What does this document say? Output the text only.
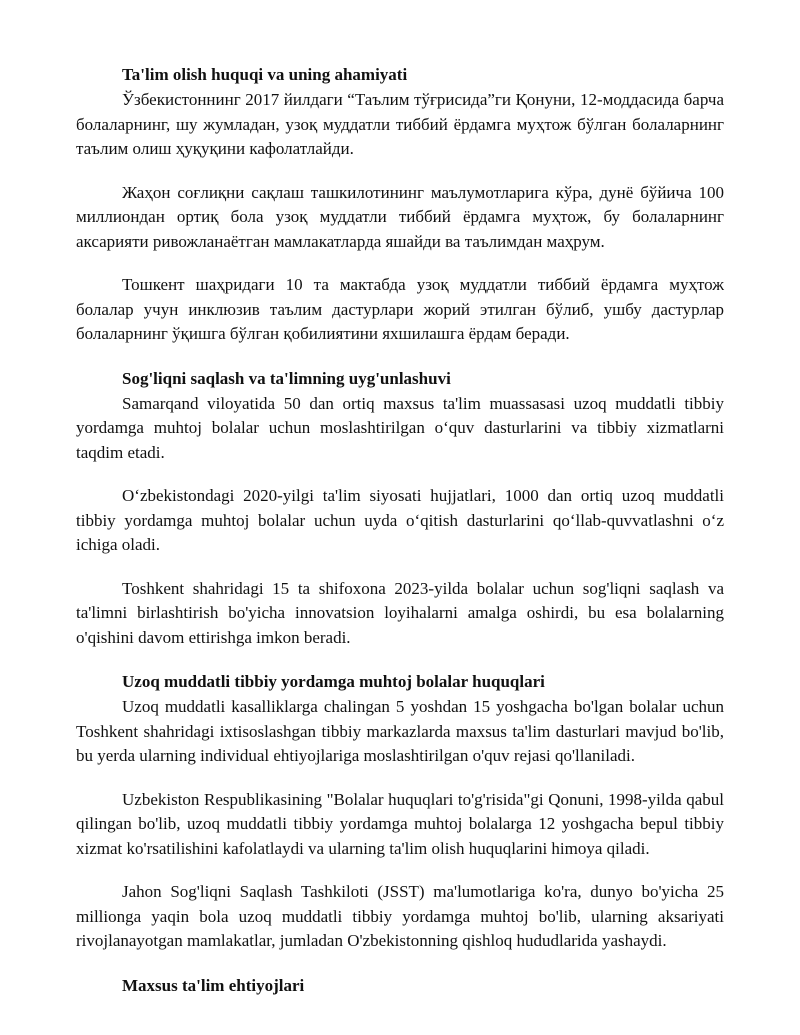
Ta'lim olish huquqi va uning ahamiyati

Ўзбекистоннинг 2017 йилдаги “Таълим тўғрисида”ги Қонуни, 12-моддасида барча болаларнинг, шу жумладан, узоқ муддатли тиббий ёрдамга муҳтож бўлган болаларнинг таълим олиш ҳуқуқини кафолатлайди.

Жаҳон соғлиқни сақлаш ташкилотининг маълумотларига кўра, дунё бўйича 100 миллиондан ортиқ бола узоқ муддатли тиббий ёрдамга муҳтож, бу болаларнинг аксарияти ривожланаётган мамлакатларда яшайди ва таълимдан маҳрум.

Тошкент шаҳридаги 10 та мактабда узоқ муддатли тиббий ёрдамга муҳтож болалар учун инклюзив таълим дастурлари жорий этилган бўлиб, ушбу дастурлар болаларнинг ўқишга бўлган қобилиятини яхшилашга ёрдам беради.

Sog'liqni saqlash va ta'limning uyg'unlashuvi

Samarqand viloyatida 50 dan ortiq maxsus ta'lim muassasasi uzoq muddatli tibbiy yordamga muhtoj bolalar uchun moslashtirilgan oʻquv dasturlarini va tibbiy xizmatlarni taqdim etadi.

Oʻzbekistondagi 2020-yilgi ta'lim siyosati hujjatlari, 1000 dan ortiq uzoq muddatli tibbiy yordamga muhtoj bolalar uchun uyda oʻqitish dasturlarini qoʻllab-quvvatlashni oʻz ichiga oladi.

Toshkent shahridagi 15 ta shifoxona 2023-yilda bolalar uchun sog'liqni saqlash va ta'limni birlashtirish bo'yicha innovatsion loyihalarni amalga oshirdi, bu esa bolalarning o'qishini davom ettirishga imkon beradi.

Uzoq muddatli tibbiy yordamga muhtoj bolalar huquqlari

Uzoq muddatli kasalliklarga chalingan 5 yoshdan 15 yoshgacha bo'lgan bolalar uchun Toshkent shahridagi ixtisoslashgan tibbiy markazlarda maxsus ta'lim dasturlari mavjud bo'lib, bu yerda ularning individual ehtiyojlariga moslashtirilgan o'quv rejasi qo'llaniladi.

Uzbekiston Respublikasining "Bolalar huquqlari to'g'risida"gi Qonuni, 1998-yilda qabul qilingan bo'lib, uzoq muddatli tibbiy yordamga muhtoj bolalarga 12 yoshgacha bepul tibbiy xizmat ko'rsatilishini kafolatlaydi va ularning ta'lim olish huquqlarini himoya qiladi.

Jahon Sog'liqni Saqlash Tashkiloti (JSST) ma'lumotlariga ko'ra, dunyo bo'yicha 25 millionga yaqin bola uzoq muddatli tibbiy yordamga muhtoj bo'lib, ularning aksariyati rivojlanayotgan mamlakatlar, jumladan O'zbekistonning qishloq hududlarida yashaydi.

Maxsus ta'lim ehtiyojlari
